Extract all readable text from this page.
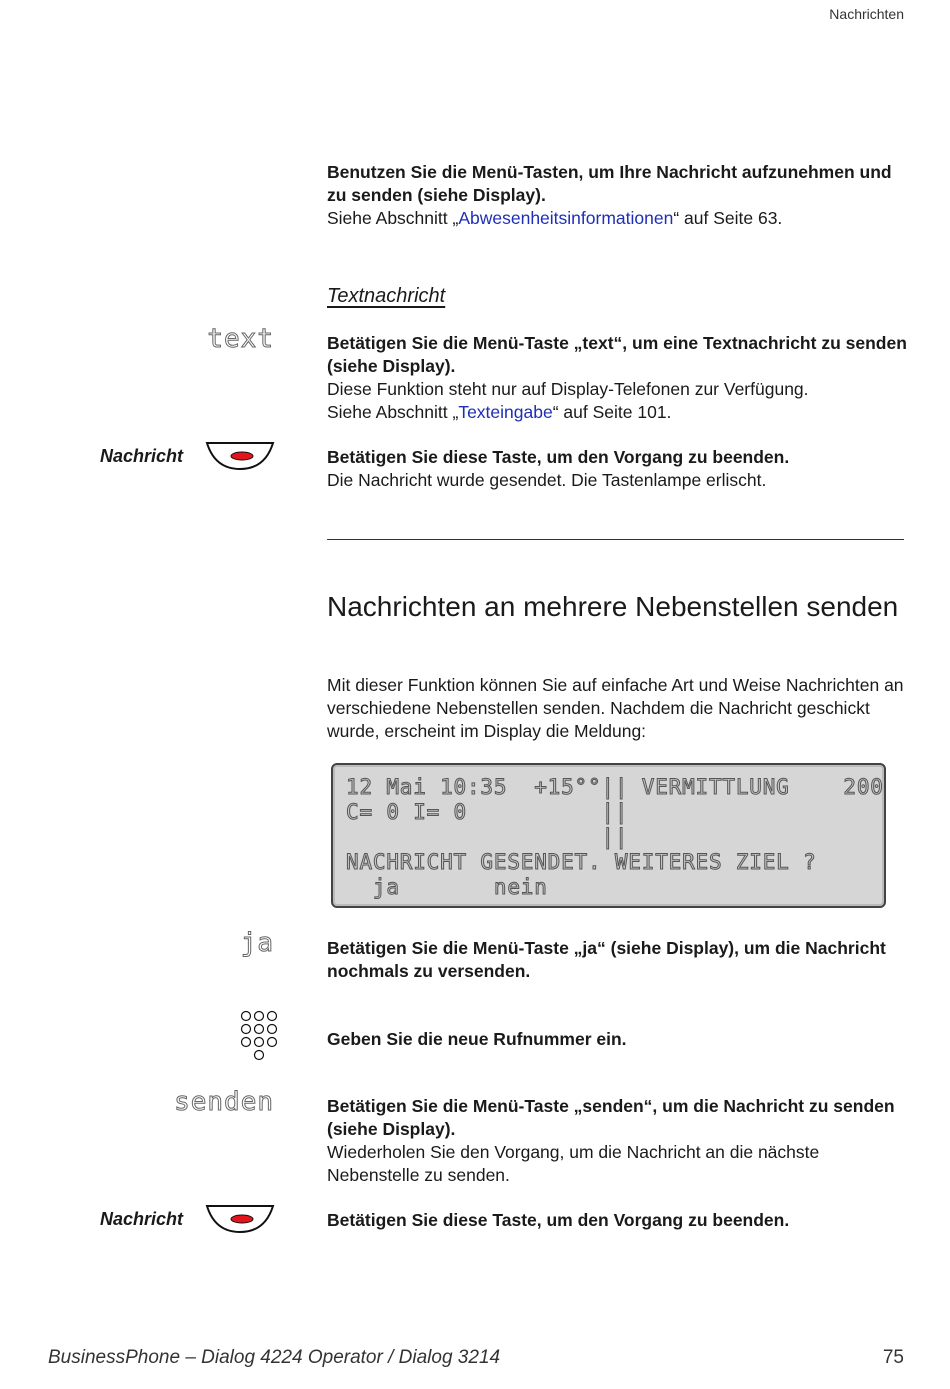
Nachrichten
Benutzen Sie die Menü-Tasten, um Ihre Nachricht aufzunehmen und zu senden (siehe Display).
Siehe Abschnitt „Abwesenheitsinformationen“ auf Seite 63.
Textnachricht
text	Betätigen Sie die Menü-Taste „text“, um eine Textnachricht zu senden (siehe Display).
Diese Funktion steht nur auf Display-Telefonen zur Verfügung.
Siehe Abschnitt „Texteingabe“ auf Seite 101.
Nachricht	Betätigen Sie diese Taste, um den Vorgang zu beenden.
Die Nachricht wurde gesendet. Die Tastenlampe erlischt.
Nachrichten an mehrere Nebenstellen senden
Mit dieser Funktion können Sie auf einfache Art und Weise Nachrichten an verschiedene Nebenstellen senden. Nachdem die Nachricht geschickt wurde, erscheint im Display die Meldung:
12 Mai 10:35  +15°°|| VERMITTLUNG    200
C= 0 I= 0          ||
||
NACHRICHT GESENDET. WEITERES ZIEL ?
ja       nein
ja	Betätigen Sie die Menü-Taste „ja“ (siehe Display), um die Nachricht nochmals zu versenden.
Geben Sie die neue Rufnummer ein.
senden	Betätigen Sie die Menü-Taste „senden“, um die Nachricht zu senden (siehe Display).
Wiederholen Sie den Vorgang, um die Nachricht an die nächste Nebenstelle zu senden.
Nachricht	Betätigen Sie diese Taste, um den Vorgang zu beenden.
BusinessPhone – Dialog 4224 Operator / Dialog 3214	75
